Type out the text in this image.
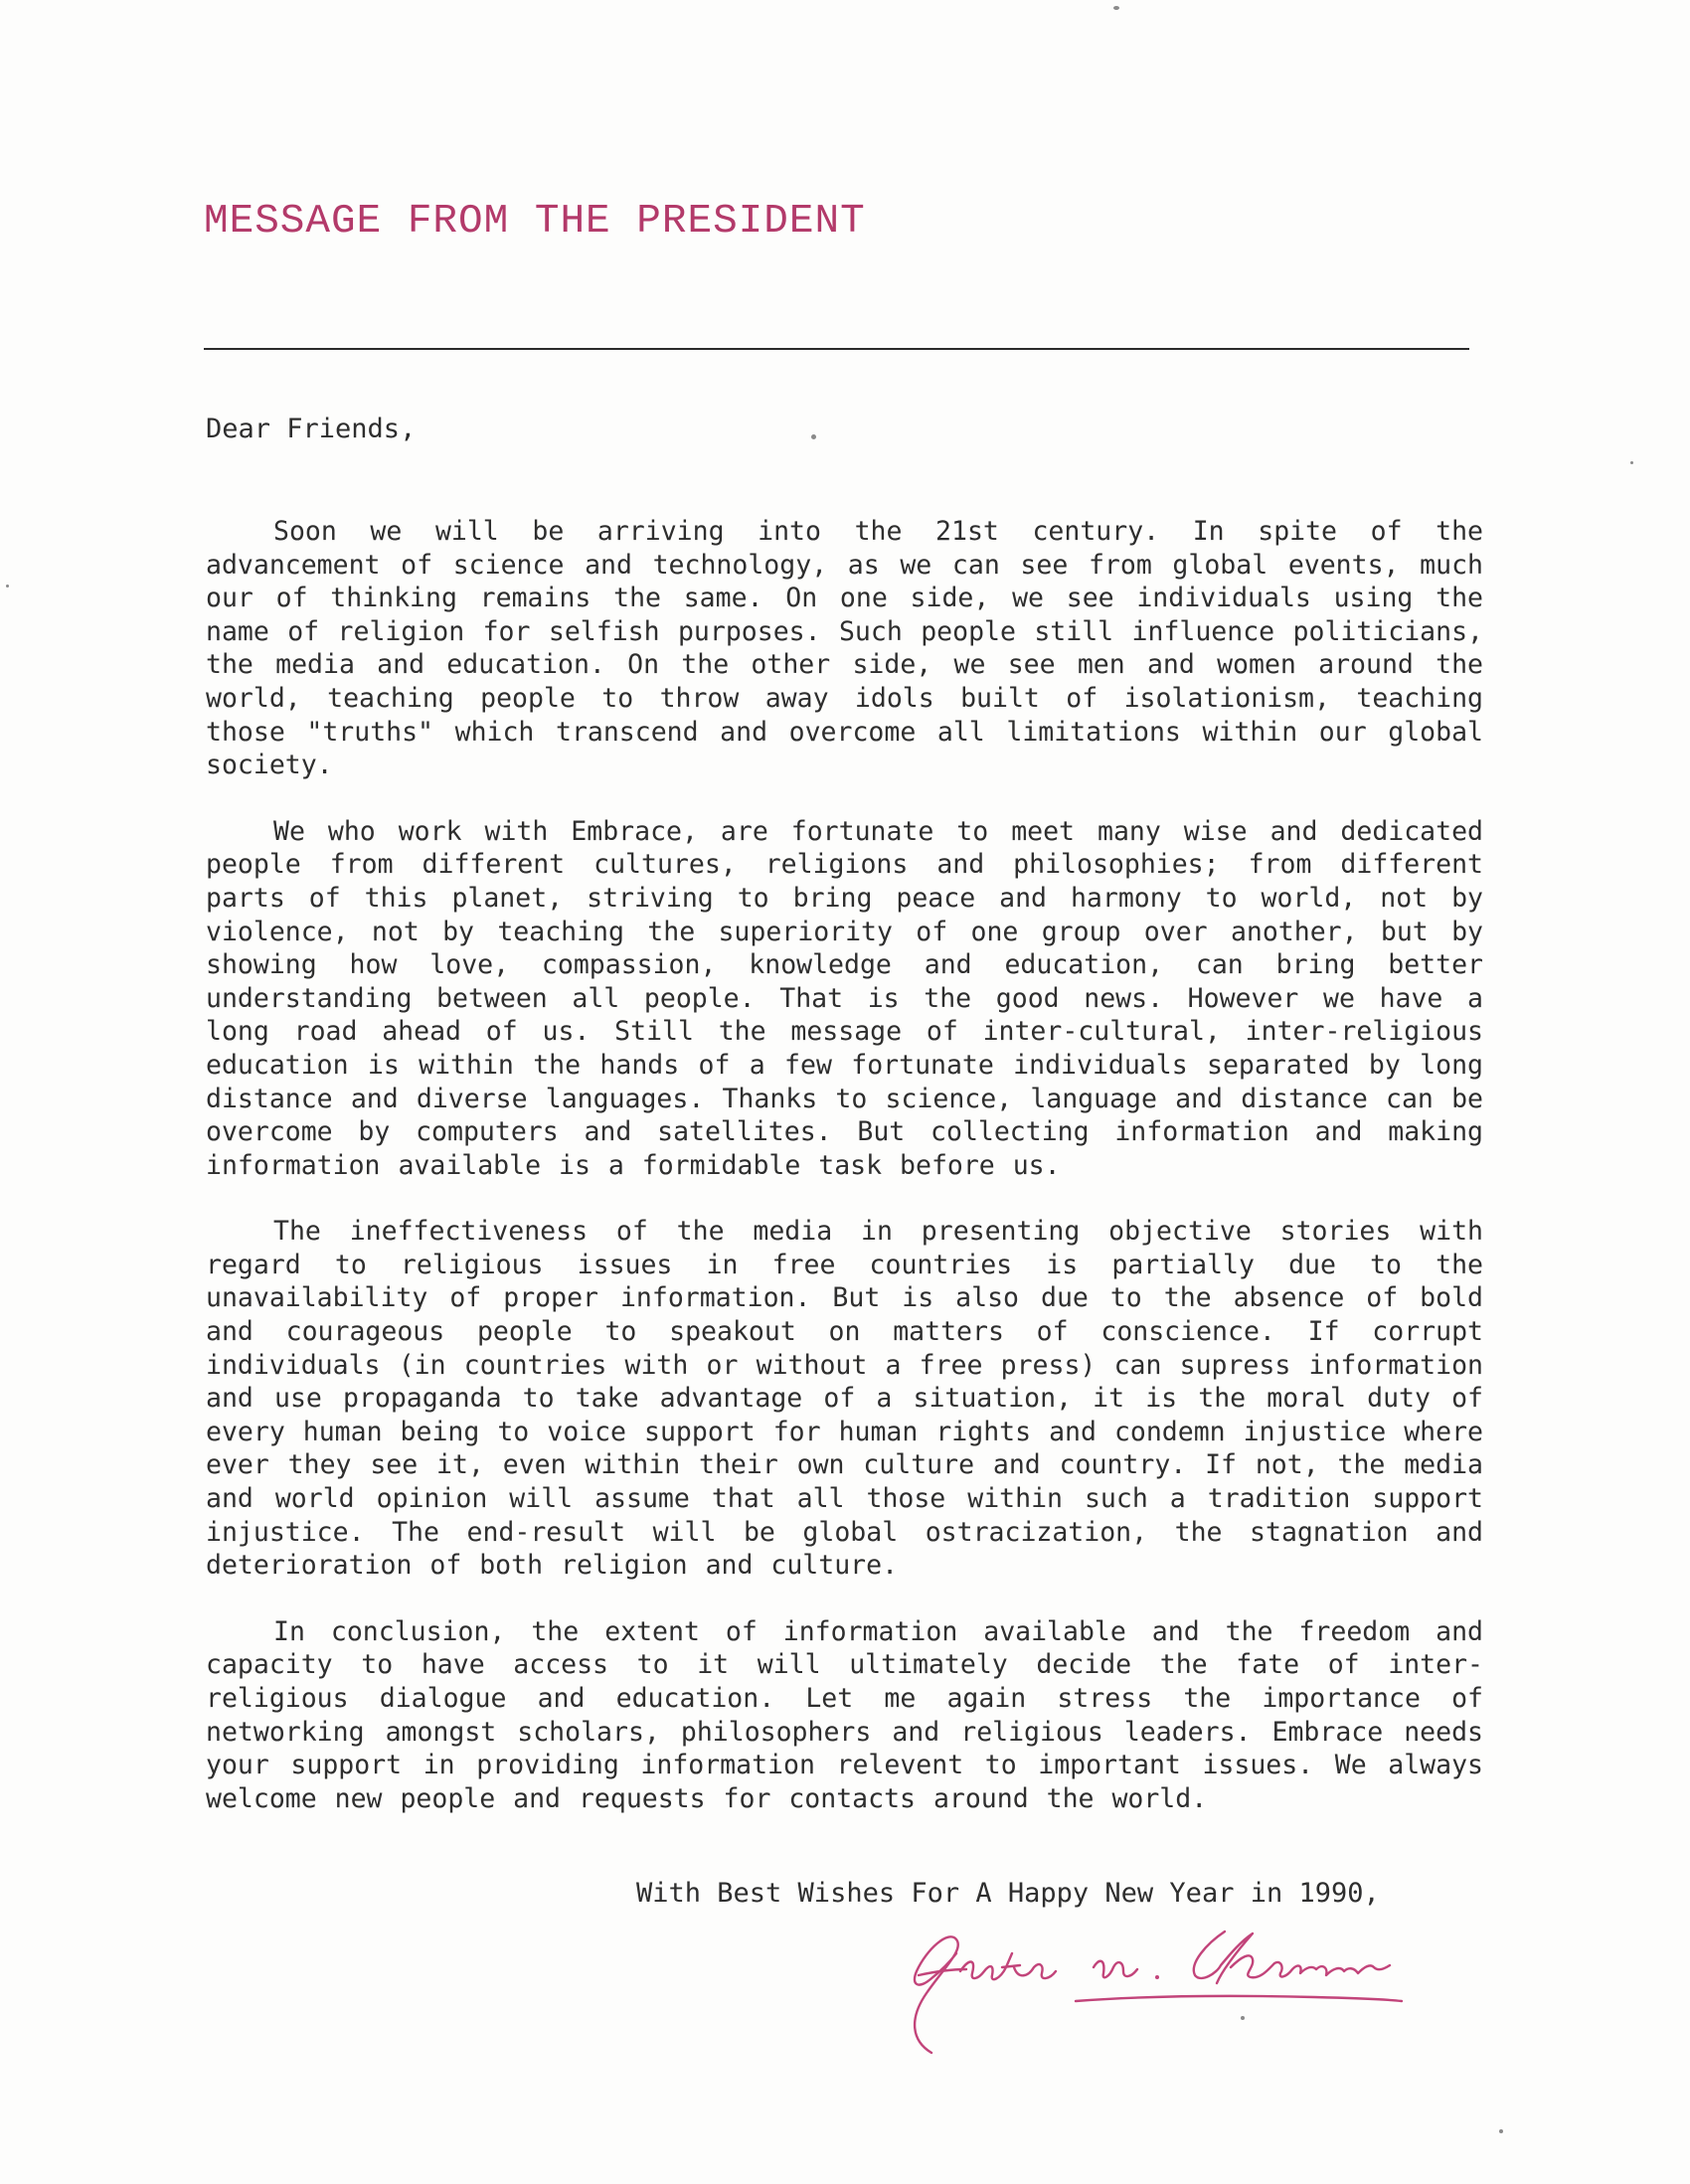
MESSAGE FROM THE PRESIDENT

Dear Friends,

Soon we will be arriving into the 21st century. In spite of the advancement of science and technology, as we can see from global events, much our of thinking remains the same. On one side, we see individuals using the name of religion for selfish purposes. Such people still influence politicians, the media and education. On the other side, we see men and women around the world, teaching people to throw away idols built of isolationism, teaching those "truths" which transcend and overcome all limitations within our global society.

We who work with Embrace, are fortunate to meet many wise and dedicated people from different cultures, religions and philosophies; from different parts of this planet, striving to bring peace and harmony to world, not by violence, not by teaching the superiority of one group over another, but by showing how love, compassion, knowledge and education, can bring better understanding between all people. That is the good news. However we have a long road ahead of us. Still the message of inter-cultural, inter-religious education is within the hands of a few fortunate individuals separated by long distance and diverse languages. Thanks to science, language and distance can be overcome by computers and satellites. But collecting information and making information available is a formidable task before us.

The ineffectiveness of the media in presenting objective stories with regard to religious issues in free countries is partially due to the unavailability of proper information. But is also due to the absence of bold and courageous people to speakout on matters of conscience. If corrupt individuals (in countries with or without a free press) can supress information and use propaganda to take advantage of a situation, it is the moral duty of every human being to voice support for human rights and condemn injustice where ever they see it, even within their own culture and country. If not, the media and world opinion will assume that all those within such a tradition support injustice. The end-result will be global ostracization, the stagnation and deterioration of both religion and culture.

In conclusion, the extent of information available and the freedom and capacity to have access to it will ultimately decide the fate of inter-religious dialogue and education. Let me again stress the importance of networking amongst scholars, philosophers and religious leaders. Embrace needs your support in providing information relevent to important issues. We always welcome new people and requests for contacts around the world.

With Best Wishes For A Happy New Year in 1990,
